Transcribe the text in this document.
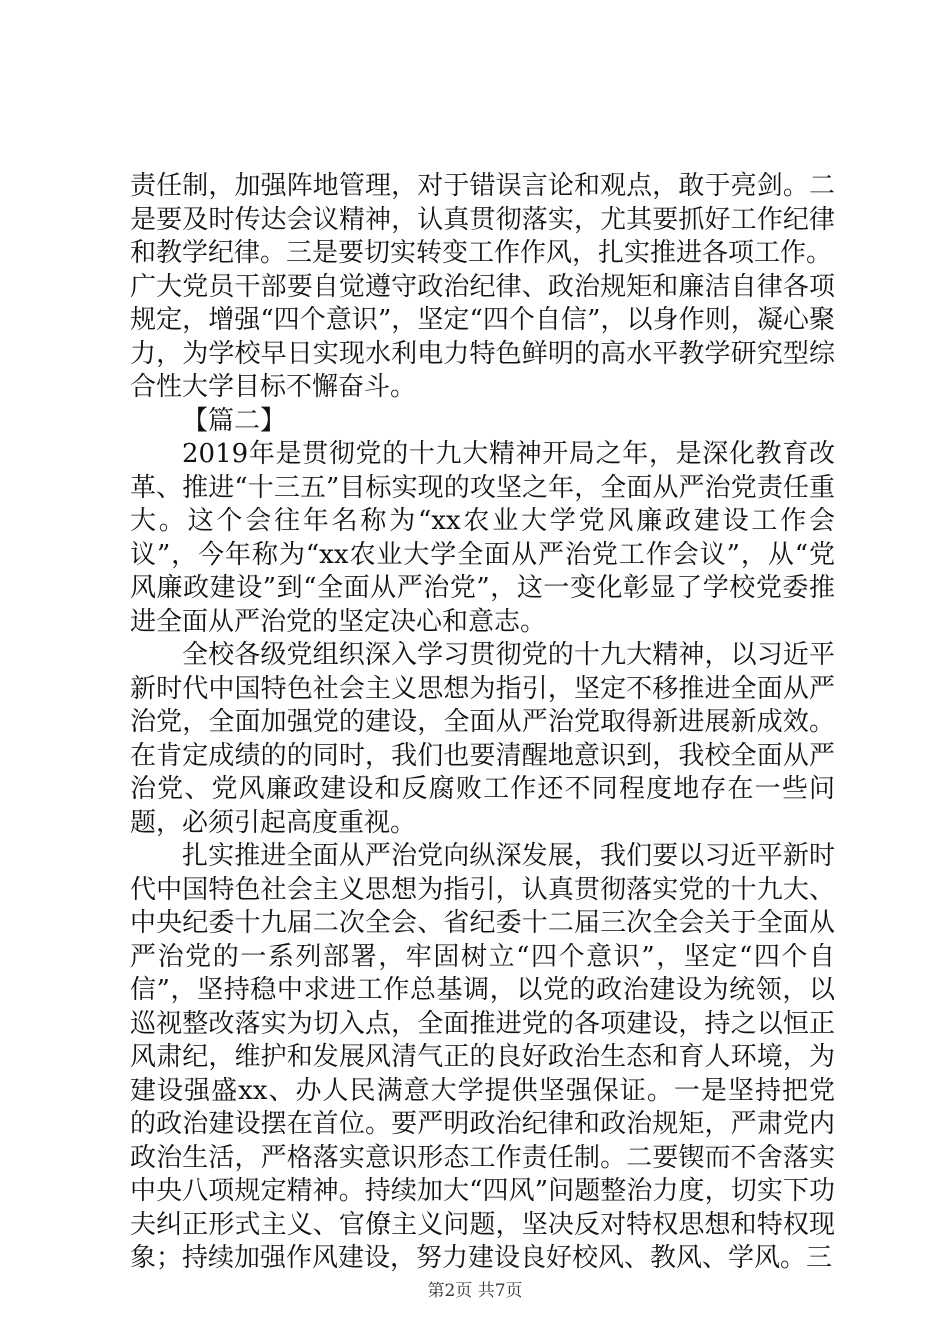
责任制，加强阵地管理，对于错误言论和观点，敢于亮剑。二是要及时传达会议精神，认真贯彻落实，尤其要抓好工作纪律和教学纪律。三是要切实转变工作作风，扎实推进各项工作。

广大党员干部要自觉遵守政治纪律、政治规矩和廉洁自律各项规定，增强“四个意识”，坚定“四个自信”，以身作则，凝心聚力，为学校早日实现水利电力特色鲜明的高水平教学研究型综合性大学目标不懈奋斗。

【篇二】

2019年是贯彻党的十九大精神开局之年，是深化教育改革、推进“十三五”目标实现的攻坚之年，全面从严治党责任重大。这个会往年名称为“xx农业大学党风廉政建设工作会议”，今年称为“xx农业大学全面从严治党工作会议”，从“党风廉政建设”到“全面从严治党”，这一变化彰显了学校党委推进全面从严治党的坚定决心和意志。

全校各级党组织深入学习贯彻党的十九大精神，以习近平新时代中国特色社会主义思想为指引，坚定不移推进全面从严治党，全面加强党的建设，全面从严治党取得新进展新成效。在肯定成绩的的同时，我们也要清醒地意识到，我校全面从严治党、党风廉政建设和反腐败工作还不同程度地存在一些问题，必须引起高度重视。

扎实推进全面从严治党向纵深发展，我们要以习近平新时代中国特色社会主义思想为指引，认真贯彻落实党的十九大、中央纪委十九届二次全会、省纪委十二届三次全会关于全面从严治党的一系列部署，牢固树立“四个意识”，坚定“四个自信”，坚持稳中求进工作总基调，以党的政治建设为统领，以巡视整改落实为切入点，全面推进党的各项建设，持之以恒正风肃纪，维护和发展风清气正的良好政治生态和育人环境，为建设强盛xx、办人民满意大学提供坚强保证。一是坚持把党的政治建设摆在首位。要严明政治纪律和政治规矩，严肃党内政治生活，严格落实意识形态工作责任制。二要锲而不舍落实中央八项规定精神。持续加大“四风”问题整治力度，切实下功夫纠正形式主义、官僚主义问题，坚决反对特权思想和特权现象；持续加强作风建设，努力建设良好校风、教风、学风。三

第2页 共7页
